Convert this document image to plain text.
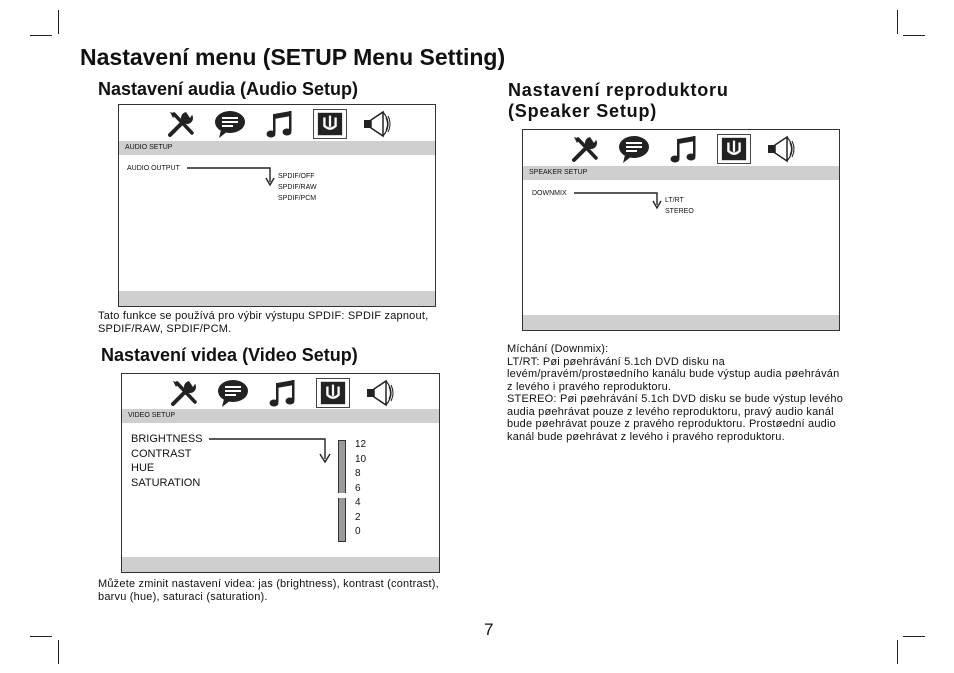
Nastavení menu (SETUP Menu Setting)
Nastavení audia (Audio Setup)
AUDIO SETUP
AUDIO OUTPUT
SPDIF/OFF
SPDIF/RAW
SPDIF/PCM
Tato funkce se používá pro výbir výstupu SPDIF: SPDIF zapnout,
SPDIF/RAW, SPDIF/PCM.
Nastavení videa (Video Setup)
VIDEO SETUP
BRIGHTNESS
CONTRAST
HUE
SATURATION
12
10
8
6
4
2
0
Můžete zminit nastavení videa: jas (brightness), kontrast (contrast),
barvu (hue), saturaci (saturation).
Nastavení reproduktoru
(Speaker Setup)
SPEAKER SETUP
DOWNMIX
LT/RT
STEREO
Míchání (Downmix):
LT/RT: Pøi pøehrávání 5.1ch DVD disku na
levém/pravém/prostøedního kanálu bude výstup audia pøehráván
z levého i pravého reproduktoru.
STEREO: Pøi pøehrávání 5.1ch DVD disku se bude výstup levého
audia pøehrávat pouze z levého reproduktoru, pravý audio kanál
bude pøehrávat pouze z pravého reproduktoru. Prostøední audio
kanál bude pøehrávat z levého i pravého reproduktoru.
7
